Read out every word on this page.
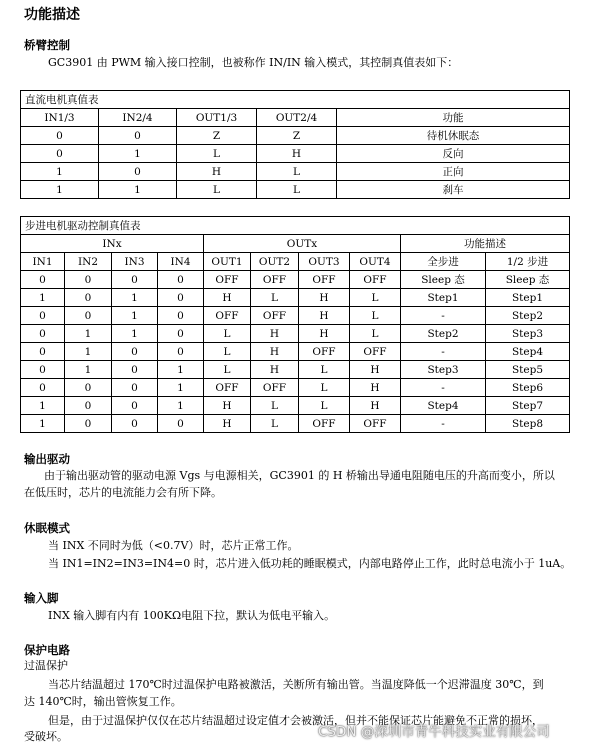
功能描述
桥臂控制
GC3901 由 PWM 输入接口控制，也被称作 IN/IN 输入模式，其控制真值表如下：
直流电机真值表				
IN1/3	IN2/4	OUT1/3	OUT2/4	功能
0	0	Z	Z	待机休眠态
0	1	L	H	反向
1	0	H	L	正向
1	1	L	L	刹车
步进电机驱动控制真值表									
INx				OUTx				功能描述	
IN1	IN2	IN3	IN4	OUT1	OUT2	OUT3	OUT4	全步进	1/2 步进
0	0	0	0	OFF	OFF	OFF	OFF	Sleep 态	Sleep 态
1	0	1	0	H	L	H	L	Step1	Step1
0	0	1	0	OFF	OFF	H	L	-	Step2
0	1	1	0	L	H	H	L	Step2	Step3
0	1	0	0	L	H	OFF	OFF	-	Step4
0	1	0	1	L	H	L	H	Step3	Step5
0	0	0	1	OFF	OFF	L	H	-	Step6
1	0	0	1	H	L	L	H	Step4	Step7
1	0	0	0	H	L	OFF	OFF	-	Step8
输出驱动
由于输出驱动管的驱动电源 Vgs 与电源相关，GC3901 的 H 桥输出导通电阻随电压的升高而变小，所以
在低压时，芯片的电流能力会有所下降。
休眠模式
当 INX 不同时为低（<0.7V）时，芯片正常工作。
当 IN1=IN2=IN3=IN4=0 时，芯片进入低功耗的睡眠模式，内部电路停止工作，此时总电流小于 1uA。
输入脚
INX 输入脚有内有 100KΩ电阻下拉，默认为低电平输入。
保护电路
过温保护
当芯片结温超过 170℃时过温保护电路被激活，关断所有输出管。当温度降低一个迟滞温度 30℃，到
达 140℃时，输出管恢复工作。
但是，由于过温保护仅仅在芯片结温超过设定值才会被激活，但并不能保证芯片能避免不正常的损坏，
受破坏。	CSDN @深圳市青牛科技实业有限公司
